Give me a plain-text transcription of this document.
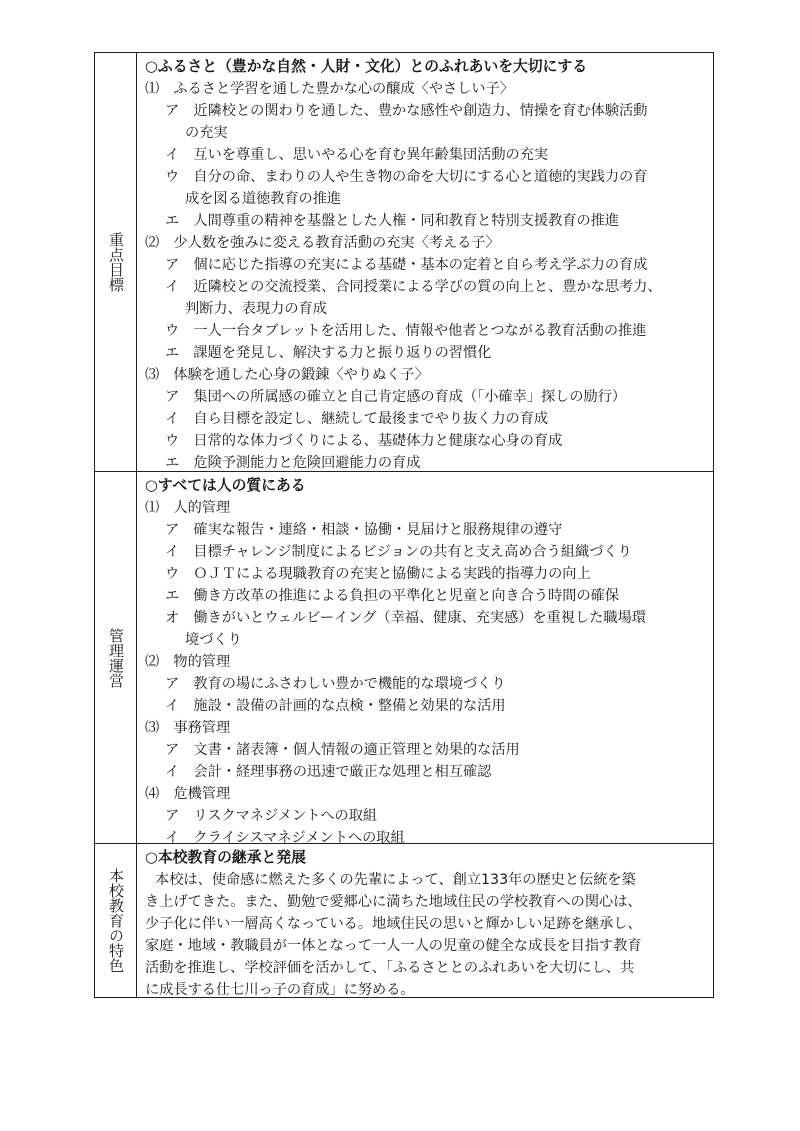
重点目標
○ふるさと（豊かな自然・人財・文化）とのふれあいを大切にする
⑴　ふるさと学習を通した豊かな心の醸成〈やさしい子〉
ア　近隣校との関わりを通した、豊かな感性や創造力、情操を育む体験活動
の充実
イ　互いを尊重し、思いやる心を育む異年齢集団活動の充実
ウ　自分の命、まわりの人や生き物の命を大切にする心と道徳的実践力の育
成を図る道徳教育の推進
エ　人間尊重の精神を基盤とした人権・同和教育と特別支援教育の推進
⑵　少人数を強みに変える教育活動の充実〈考える子〉
ア　個に応じた指導の充実による基礎・基本の定着と自ら考え学ぶ力の育成
イ　近隣校との交流授業、合同授業による学びの質の向上と、豊かな思考力、
判断力、表現力の育成
ウ　一人一台タブレットを活用した、情報や他者とつながる教育活動の推進
エ　課題を発見し、解決する力と振り返りの習慣化
⑶　体験を通した心身の鍛錬〈やりぬく子〉
ア　集団への所属感の確立と自己肯定感の育成（「小確幸」探しの励行）
イ　自ら目標を設定し、継続して最後までやり抜く力の育成
ウ　日常的な体力づくりによる、基礎体力と健康な心身の育成
エ　危険予測能力と危険回避能力の育成
管理運営
○すべては人の質にある
⑴　人的管理
ア　確実な報告・連絡・相談・協働・見届けと服務規律の遵守
イ　目標チャレンジ制度によるビジョンの共有と支え高め合う組織づくり
ウ　ＯＪＴによる現職教育の充実と協働による実践的指導力の向上
エ　働き方改革の推進による負担の平準化と児童と向き合う時間の確保
オ　働きがいとウェルビーイング（幸福、健康、充実感）を重視した職場環
境づくり
⑵　物的管理
ア　教育の場にふさわしい豊かで機能的な環境づくり
イ　施設・設備の計画的な点検・整備と効果的な活用
⑶　事務管理
ア　文書・諸表簿・個人情報の適正管理と効果的な活用
イ　会計・経理事務の迅速で厳正な処理と相互確認
⑷　危機管理
ア　リスクマネジメントへの取組
イ　クライシスマネジメントへの取組
本校教育の特色
○本校教育の継承と発展
本校は、使命感に燃えた多くの先輩によって、創立133年の歴史と伝統を築
き上げてきた。また、勤勉で愛郷心に満ちた地域住民の学校教育への関心は、
少子化に伴い一層高くなっている。地域住民の思いと輝かしい足跡を継承し、
家庭・地域・教職員が一体となって一人一人の児童の健全な成長を目指す教育
活動を推進し、学校評価を活かして、「ふるさととのふれあいを大切にし、共
に成長する仕七川っ子の育成」に努める。
